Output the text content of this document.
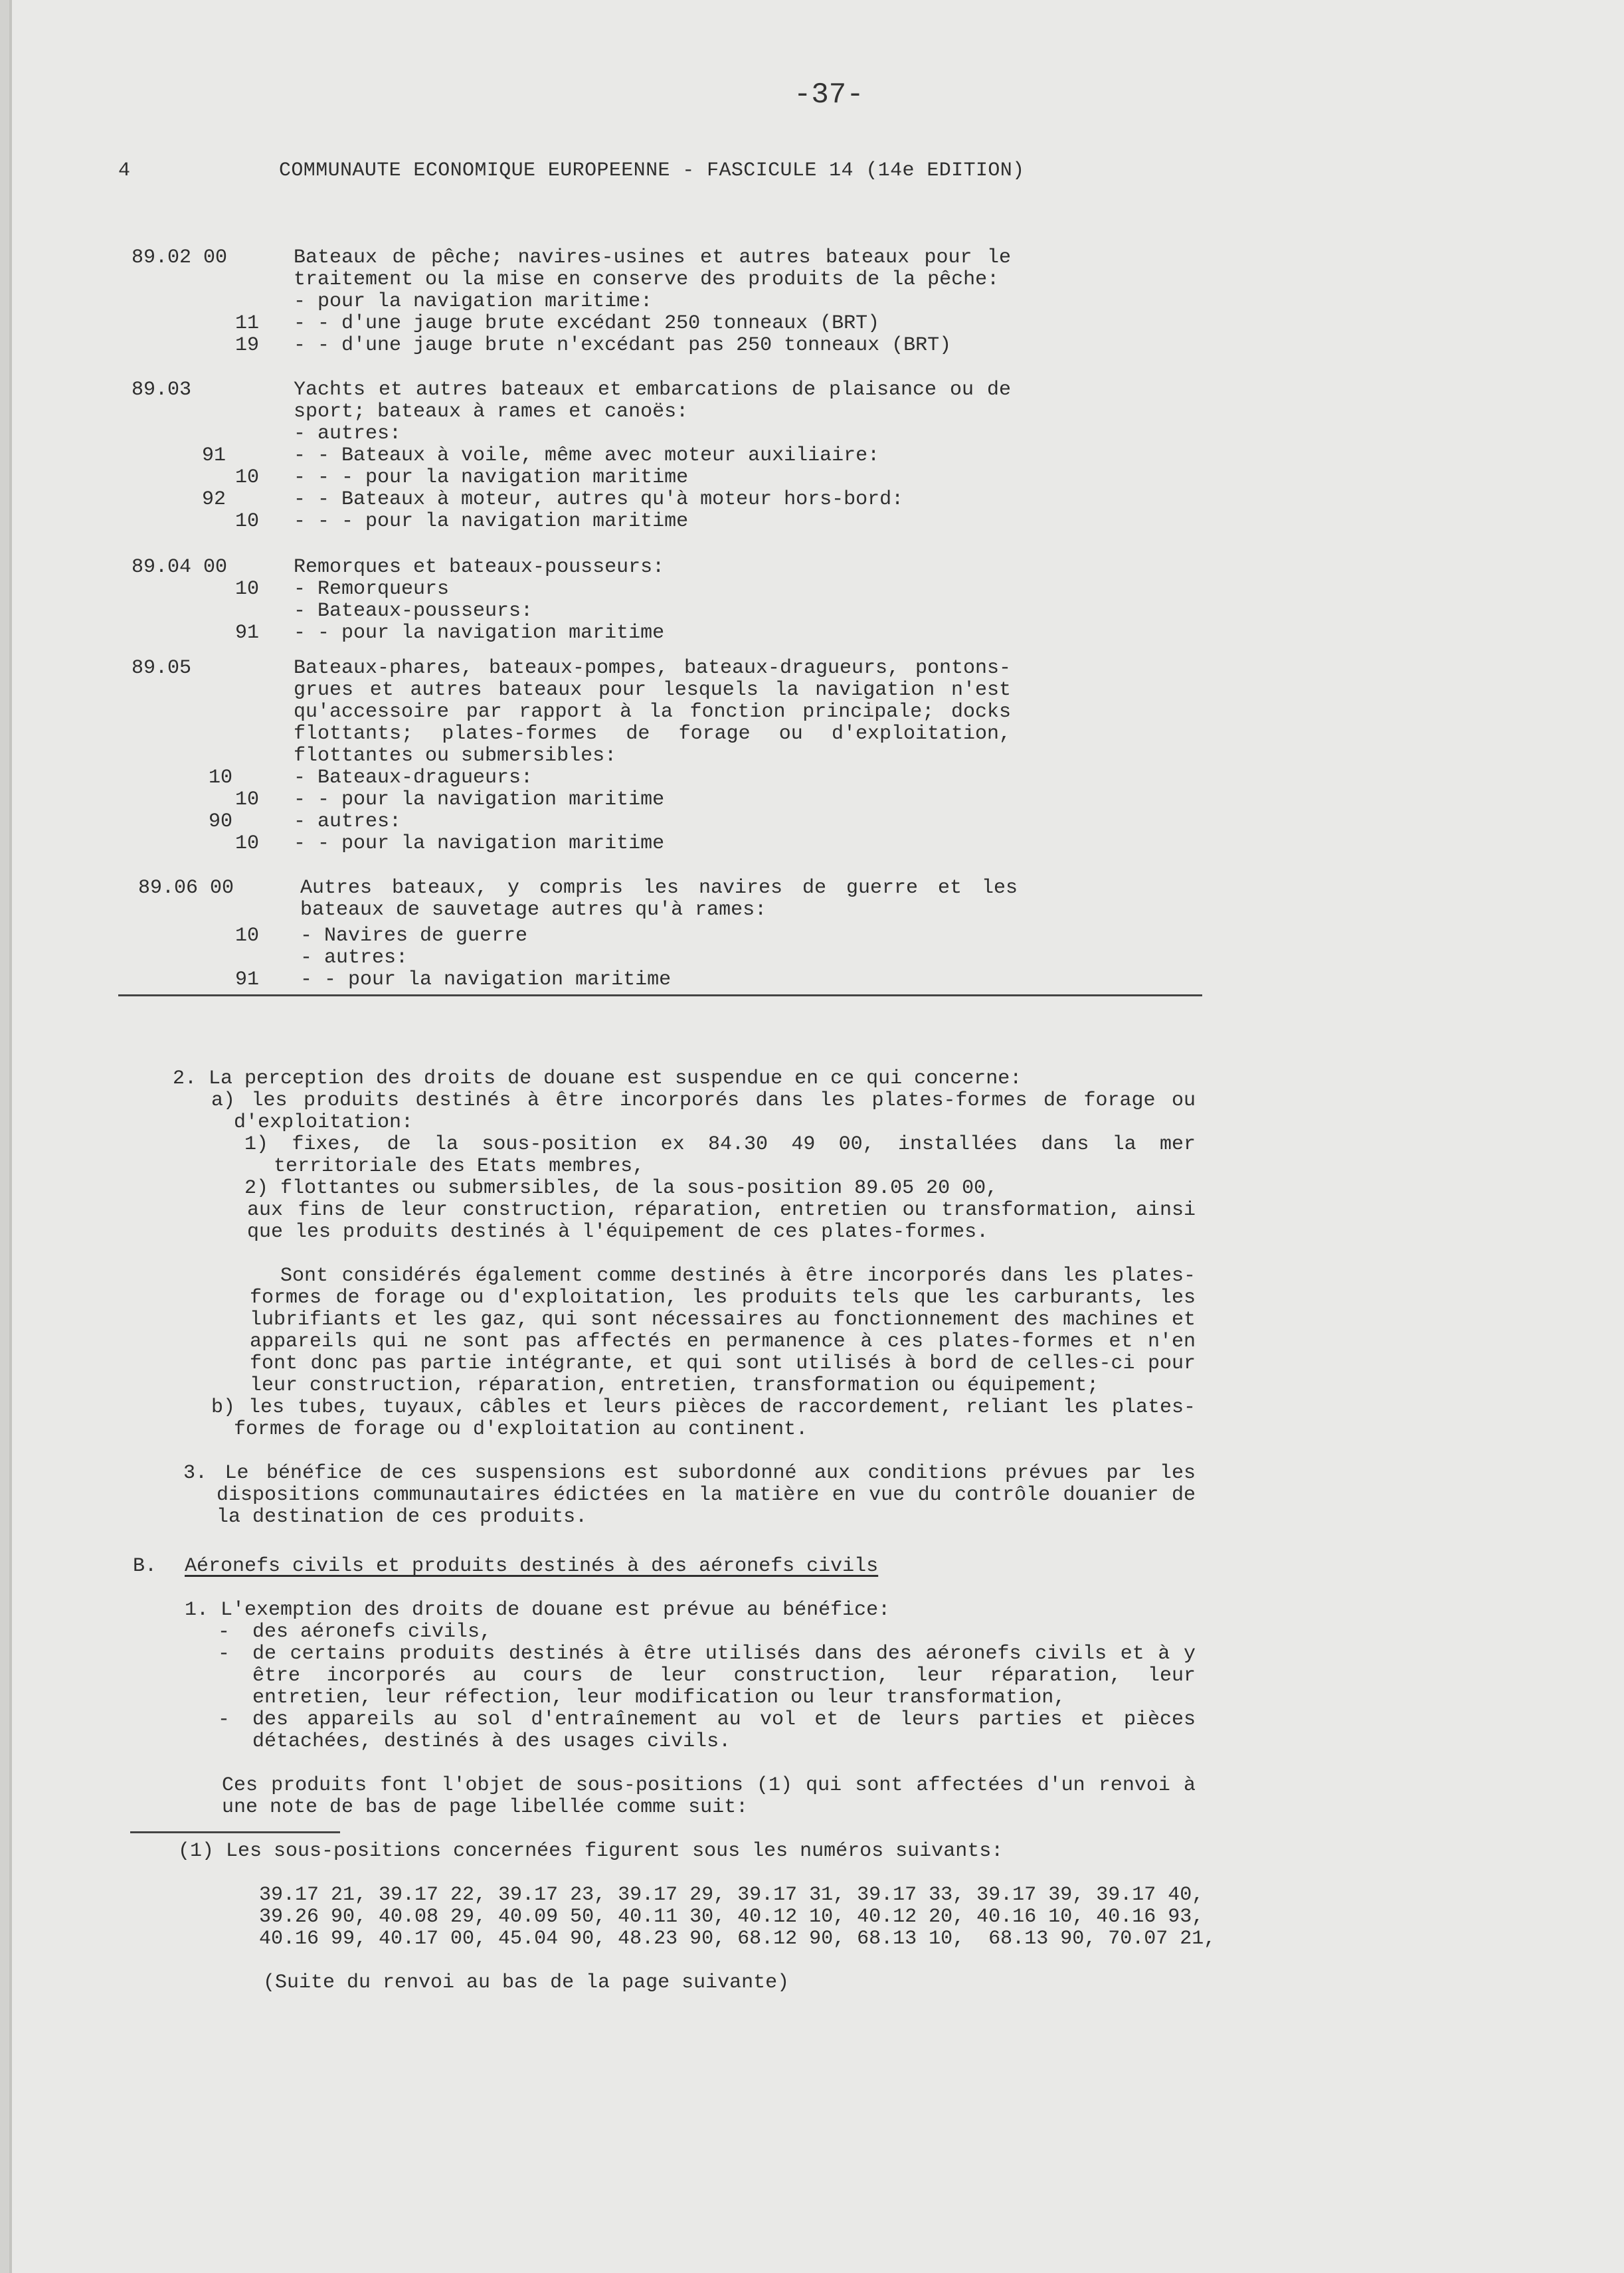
-37-
4	COMMUNAUTE ECONOMIQUE EUROPEENNE - FASCICULE 14 (14e EDITION)
89.02 00	Bateaux de pêche; navires-usines et autres bateaux pour le traitement ou la mise en conserve des produits de la pêche:
- pour la navigation maritime:
11 - - d'une jauge brute excédant 250 tonneaux (BRT)
19 - - d'une jauge brute n'excédant pas 250 tonneaux (BRT)
89.03	Yachts et autres bateaux et embarcations de plaisance ou de sport; bateaux à rames et canoës:
- autres:
91	- - Bateaux à voile, même avec moteur auxiliaire:
10 - - - pour la navigation maritime
92	- - Bateaux à moteur, autres qu'à moteur hors-bord:
10 - - - pour la navigation maritime
89.04 00	Remorques et bateaux-pousseurs:
10 - Remorqueurs
- Bateaux-pousseurs:
91 - - pour la navigation maritime
89.05	Bateaux-phares, bateaux-pompes, bateaux-dragueurs, pontons-grues et autres bateaux pour lesquels la navigation n'est qu'accessoire par rapport à la fonction principale; docks flottants; plates-formes de forage ou d'exploitation, flottantes ou submersibles:
10	- Bateaux-dragueurs:
10 - - pour la navigation maritime
90	- autres:
10 - - pour la navigation maritime
89.06 00	Autres bateaux, y compris les navires de guerre et les bateaux de sauvetage autres qu'à rames:
10 - Navires de guerre
- autres:
91 - - pour la navigation maritime
2. La perception des droits de douane est suspendue en ce qui concerne:
a) les produits destinés à être incorporés dans les plates-formes de forage ou d'exploitation:
1) fixes, de la sous-position ex 84.30 49 00, installées dans la mer territoriale des Etats membres,
2) flottantes ou submersibles, de la sous-position 89.05 20 00,
aux fins de leur construction, réparation, entretien ou transformation, ainsi que les produits destinés à l'équipement de ces plates-formes.
Sont considérés également comme destinés à être incorporés dans les plates-formes de forage ou d'exploitation, les produits tels que les carburants, les lubrifiants et les gaz, qui sont nécessaires au fonctionnement des machines et appareils qui ne sont pas affectés en permanence à ces plates-formes et n'en font donc pas partie intégrante, et qui sont utilisés à bord de celles-ci pour leur construction, réparation, entretien, transformation ou équipement;
b) les tubes, tuyaux, câbles et leurs pièces de raccordement, reliant les plates-formes de forage ou d'exploitation au continent.
3. Le bénéfice de ces suspensions est subordonné aux conditions prévues par les dispositions communautaires édictées en la matière en vue du contrôle douanier de la destination de ces produits.
B. Aéronefs civils et produits destinés à des aéronefs civils
1. L'exemption des droits de douane est prévue au bénéfice:
- des aéronefs civils,
- de certains produits destinés à être utilisés dans des aéronefs civils et à y être incorporés au cours de leur construction, leur réparation, leur entretien, leur réfection, leur modification ou leur transformation,
- des appareils au sol d'entraînement au vol et de leurs parties et pièces détachées, destinés à des usages civils.
Ces produits font l'objet de sous-positions (1) qui sont affectées d'un renvoi à une note de bas de page libellée comme suit:
(1) Les sous-positions concernées figurent sous les numéros suivants:
39.17 21, 39.17 22, 39.17 23, 39.17 29, 39.17 31, 39.17 33, 39.17 39, 39.17 40,
39.26 90, 40.08 29, 40.09 50, 40.11 30, 40.12 10, 40.12 20, 40.16 10, 40.16 93,
40.16 99, 40.17 00, 45.04 90, 48.23 90, 68.12 90, 68.13 10,  68.13 90, 70.07 21,
(Suite du renvoi au bas de la page suivante)
